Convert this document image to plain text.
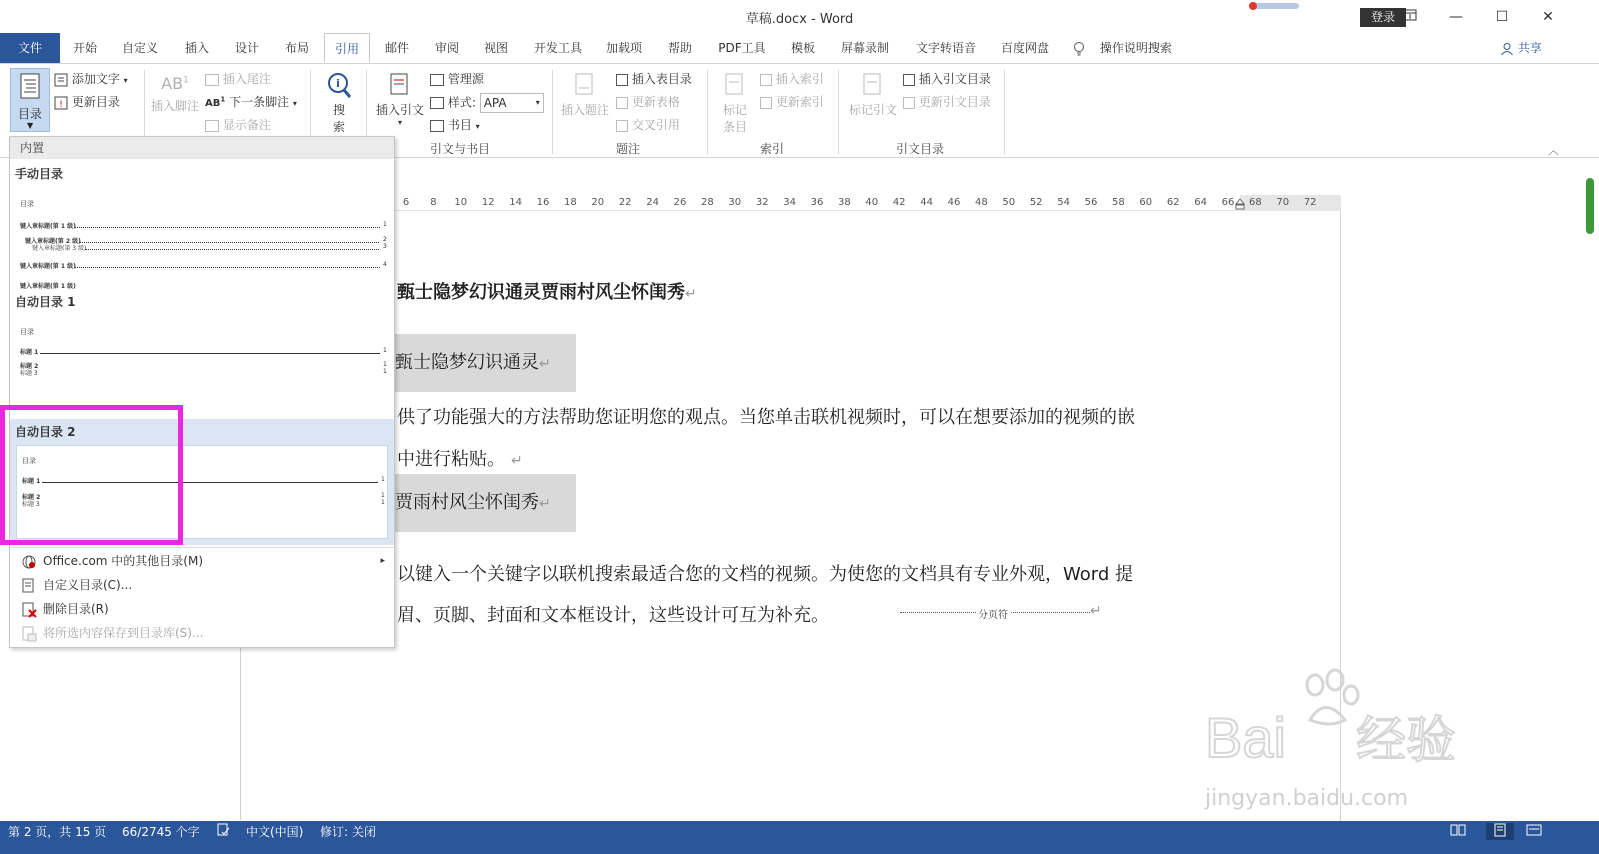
草稿.docx - Word	登录	—	☐	✕
文件	开始	自定义	插入	设计	布局	引用	邮件	审阅	视图	开发工具	加载项	帮助	PDF工具	模板	屏幕录制	文字转语音	百度网盘	操作说明搜索	共享
目录
▼
添加文字 ▾
! 更新目录
$AB^1$
插入脚注
插入尾注
$AB^1$ 下一条脚注 ▾
显示备注
i
搜
索
插入引文
▾
管理源
样式: APA	▾
书目 ▾
引文与书目
插入题注
插入表目录
更新表格
交叉引用
题注
标记
条目
插入索引
更新索引
索引
标记引文
插入引文目录
更新引文目录
引文目录	︿
6	8	10	12	14	16	18	20	22	24	26	28	30	32	34	36	38	40	42	44	46	48	50	52	54	56	58	60	62	64	66	68	70	72
甄士隐梦幻识通灵贾雨村风尘怀闺秀↵
甄士隐梦幻识通灵↵
供了功能强大的方法帮助您证明您的观点。当您单击联机视频时，可以在想要添加的视频的嵌
中进行粘贴。 ↵
贾雨村风尘怀闺秀↵
以键入一个关键字以联机搜索最适合您的文档的视频。为使您的文档具有专业外观，Word 提
眉、页脚、封面和文本框设计，这些设计可互为补充。	分页符	↵
内置
手动目录
目录
键入章标题(第 1 级)	1
键入章标题(第 2 级)	2
键入章标题(第 3 级)	3
键入章标题(第 1 级)	4
键入章标题(第 1 级)
自动目录 1
目录
标题 1	1
标题 2	1
标题 3	1
自动目录 2
目录
标题 1	1
标题 2	1
标题 3	1
Office.com 中的其他目录(M)	▸
自定义目录(C)...
删除目录(R)
将所选内容保存到目录库(S)...
Bai 经验
jingyan.baidu.com
第 2 页，共 15 页 66/2745 个字	中文(中国) 修订: 关闭
